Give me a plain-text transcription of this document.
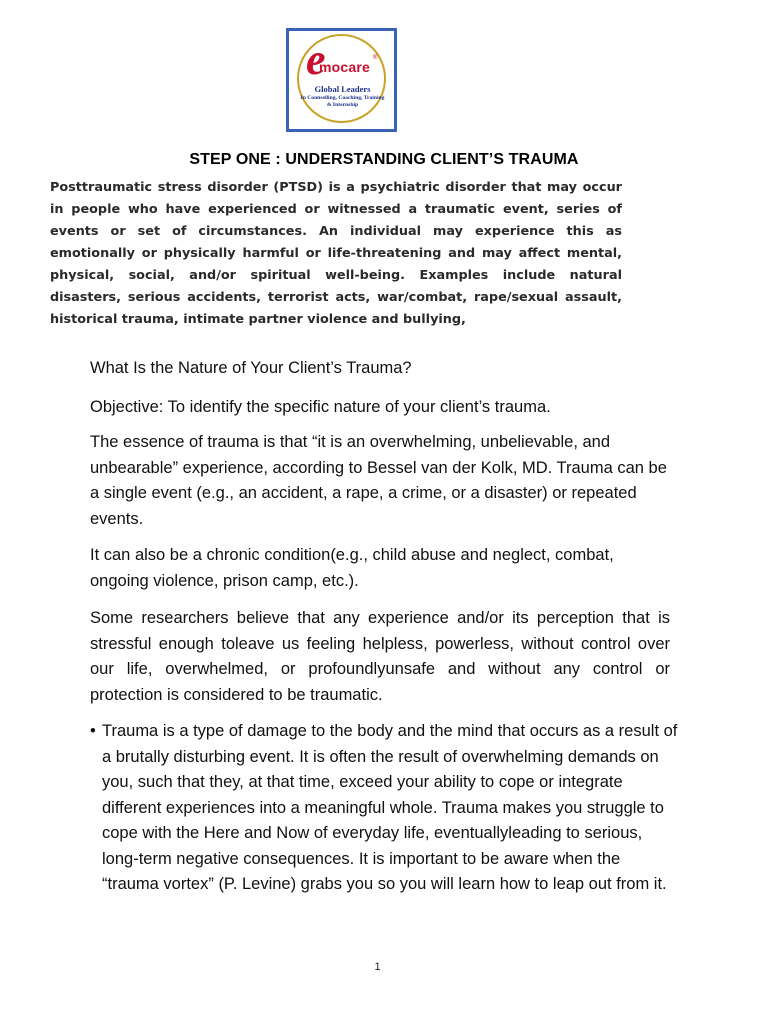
e
mocare
®
Global Leaders
In Counselling, Coaching, Training & Internship
STEP ONE : UNDERSTANDING CLIENT’S TRAUMA
Posttraumatic stress disorder (PTSD) is a psychiatric disorder that may occur in people who have experienced or witnessed a traumatic event, series of events or set of circumstances. An individual may experience this as emotionally or physically harmful or life-threatening and may affect mental, physical, social, and/or spiritual well-being. Examples include natural disasters, serious accidents, terrorist acts, war/combat, rape/sexual assault, historical trauma, intimate partner violence and bullying,
What Is the Nature of Your Client’s Trauma?
Objective: To identify the specific nature of your client’s trauma.
The essence of trauma is that “it is an overwhelming, unbelievable, and unbearable” experience, according to Bessel van der Kolk, MD. Trauma can be a single event (e.g., an accident, a rape, a crime, or a disaster) or repeated events.
It can also be a chronic condition(e.g., child abuse and neglect, combat, ongoing violence, prison camp, etc.).
Some researchers believe that any experience and/or its perception that is stressful enough toleave us feeling helpless, powerless, without control over our life, overwhelmed, or profoundlyunsafe and without any control or protection is considered to be traumatic.
• Trauma is a type of damage to the body and the mind that occurs as a result of a brutally disturbing event. It is often the result of overwhelming demands on you, such that they, at that time, exceed your ability to cope or integrate different experiences into a meaningful whole. Trauma makes you struggle to cope with the Here and Now of everyday life, eventuallyleading to serious, long-term negative consequences. It is important to be aware when the “trauma vortex” (P. Levine) grabs you so you will learn how to leap out from it.
1
